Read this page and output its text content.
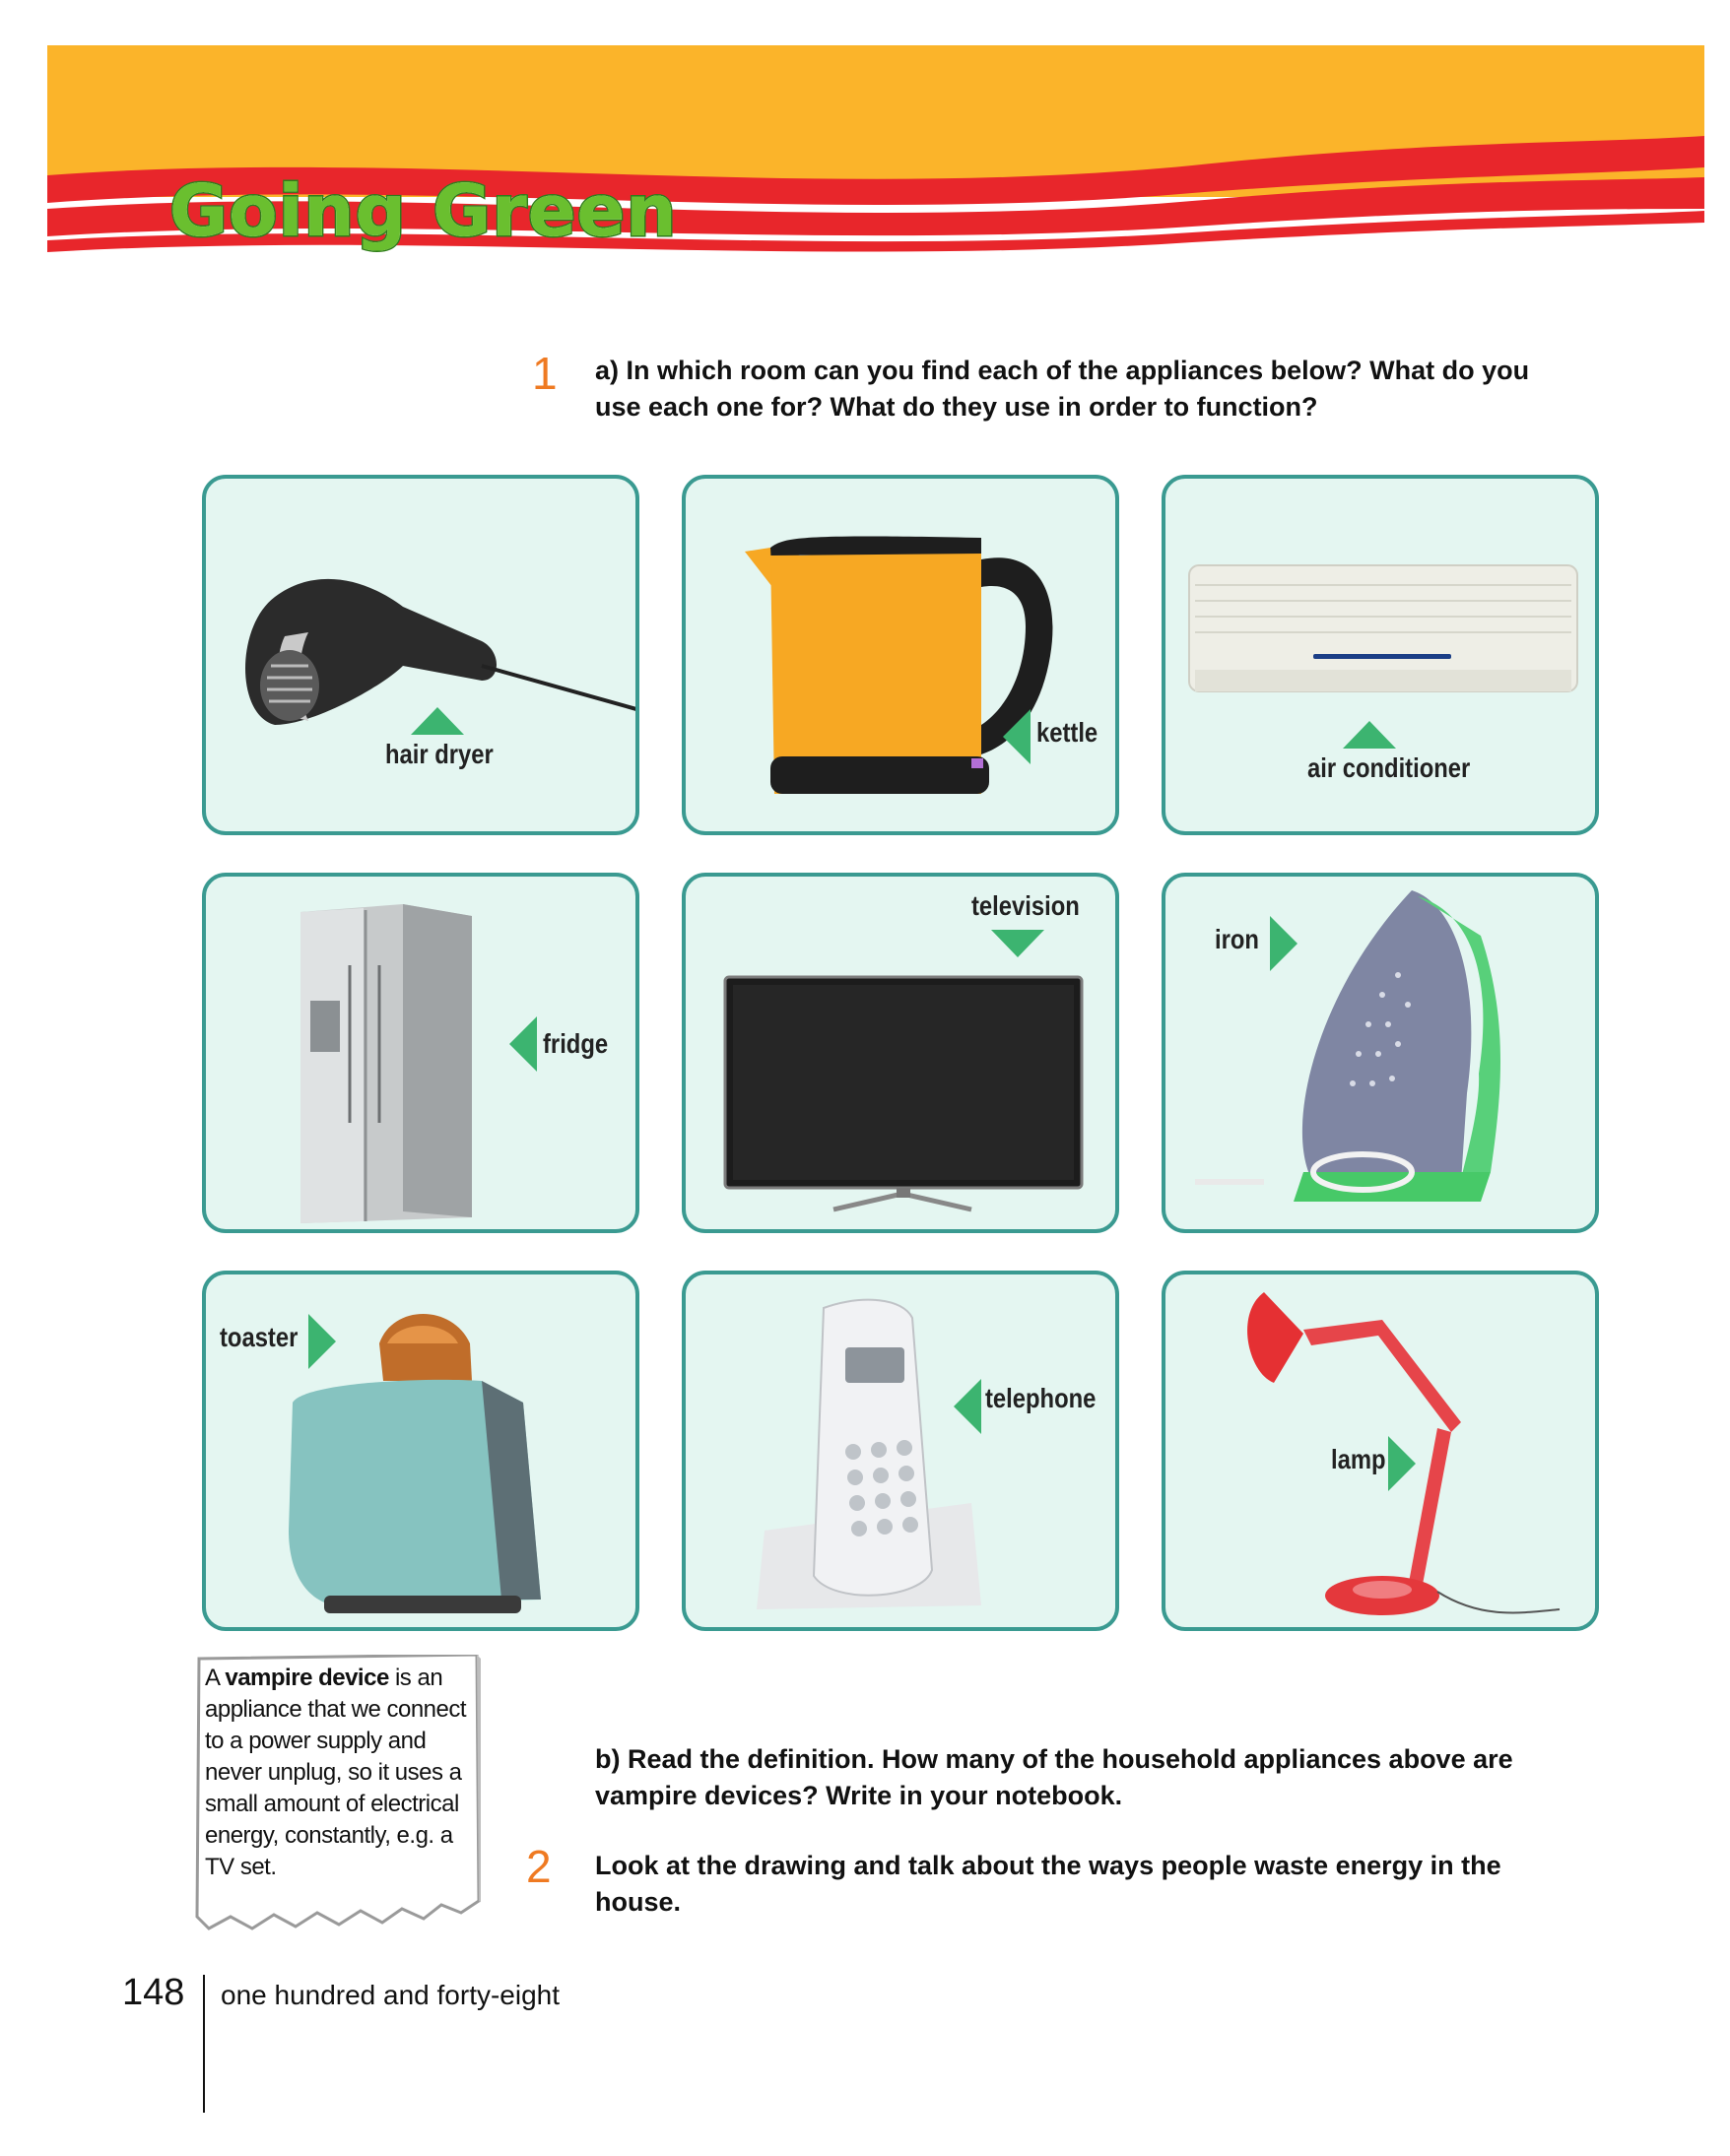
Going Green
1 a) In which room can you find each of the appliances below? What do you use each one for? What do they use in order to function?
hair dryer
kettle
air conditioner
fridge
television
iron
toaster
telephone
lamp
A vampire device is an appliance that we connect to a power supply and never unplug, so it uses a small amount of electrical energy, constantly, e.g. a TV set.
b) Read the definition. How many of the household appliances above are vampire devices? Write in your notebook.
2 Look at the drawing and talk about the ways people waste energy in the house.
148 one hundred and forty-eight
